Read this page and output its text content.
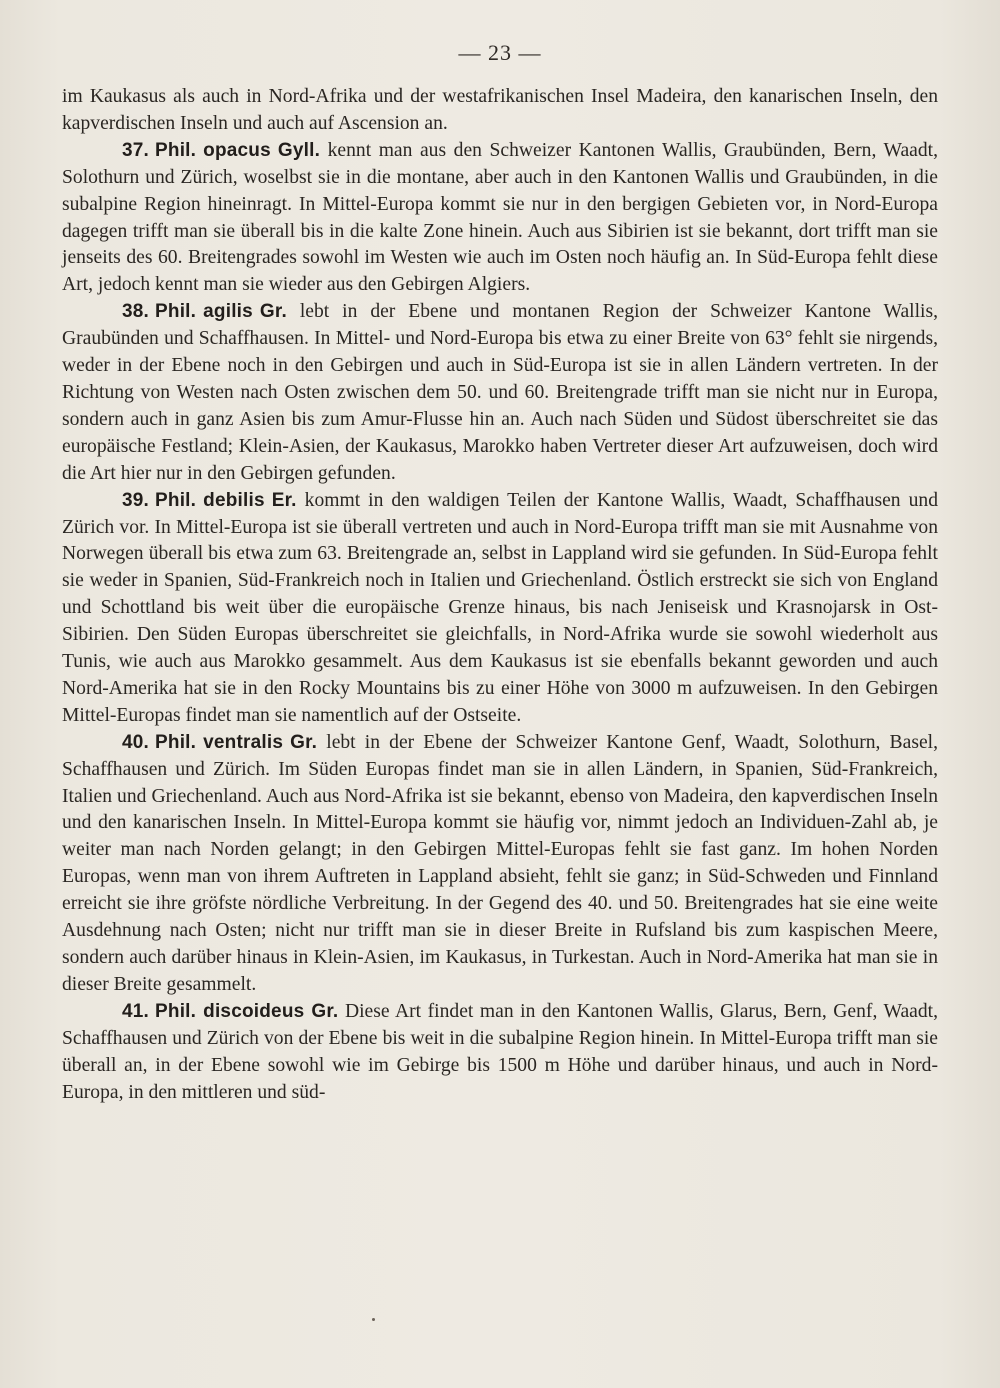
— 23 —

im Kaukasus als auch in Nord-Afrika und der westafrikanischen Insel Madeira, den kanarischen Inseln, den kapverdischen Inseln und auch auf Ascension an.

37. Phil. opacus Gyll. kennt man aus den Schweizer Kantonen Wallis, Graubünden, Bern, Waadt, Solothurn und Zürich, woselbst sie in die montane, aber auch in den Kantonen Wallis und Graubünden, in die subalpine Region hineinragt. In Mittel-Europa kommt sie nur in den bergigen Gebieten vor, in Nord-Europa dagegen trifft man sie überall bis in die kalte Zone hinein. Auch aus Sibirien ist sie bekannt, dort trifft man sie jenseits des 60. Breitengrades sowohl im Westen wie auch im Osten noch häufig an. In Süd-Europa fehlt diese Art, jedoch kennt man sie wieder aus den Gebirgen Algiers.

38. Phil. agilis Gr. lebt in der Ebene und montanen Region der Schweizer Kantone Wallis, Graubünden und Schaffhausen. In Mittel- und Nord-Europa bis etwa zu einer Breite von 63° fehlt sie nirgends, weder in der Ebene noch in den Gebirgen und auch in Süd-Europa ist sie in allen Ländern vertreten. In der Richtung von Westen nach Osten zwischen dem 50. und 60. Breitengrade trifft man sie nicht nur in Europa, sondern auch in ganz Asien bis zum Amur-Flusse hin an. Auch nach Süden und Südost überschreitet sie das europäische Festland; Klein-Asien, der Kaukasus, Marokko haben Vertreter dieser Art aufzuweisen, doch wird die Art hier nur in den Gebirgen gefunden.

39. Phil. debilis Er. kommt in den waldigen Teilen der Kantone Wallis, Waadt, Schaffhausen und Zürich vor. In Mittel-Europa ist sie überall vertreten und auch in Nord-Europa trifft man sie mit Ausnahme von Norwegen überall bis etwa zum 63. Breitengrade an, selbst in Lappland wird sie gefunden. In Süd-Europa fehlt sie weder in Spanien, Süd-Frankreich noch in Italien und Griechenland. Östlich erstreckt sie sich von England und Schottland bis weit über die europäische Grenze hinaus, bis nach Jeniseisk und Krasnojarsk in Ost-Sibirien. Den Süden Europas überschreitet sie gleichfalls, in Nord-Afrika wurde sie sowohl wiederholt aus Tunis, wie auch aus Marokko gesammelt. Aus dem Kaukasus ist sie ebenfalls bekannt geworden und auch Nord-Amerika hat sie in den Rocky Mountains bis zu einer Höhe von 3000 m aufzuweisen. In den Gebirgen Mittel-Europas findet man sie namentlich auf der Ostseite.

40. Phil. ventralis Gr. lebt in der Ebene der Schweizer Kantone Genf, Waadt, Solothurn, Basel, Schaffhausen und Zürich. Im Süden Europas findet man sie in allen Ländern, in Spanien, Süd-Frankreich, Italien und Griechenland. Auch aus Nord-Afrika ist sie bekannt, ebenso von Madeira, den kapverdischen Inseln und den kanarischen Inseln. In Mittel-Europa kommt sie häufig vor, nimmt jedoch an Individuen-Zahl ab, je weiter man nach Norden gelangt; in den Gebirgen Mittel-Europas fehlt sie fast ganz. Im hohen Norden Europas, wenn man von ihrem Auftreten in Lappland absieht, fehlt sie ganz; in Süd-Schweden und Finnland erreicht sie ihre gröfste nördliche Verbreitung. In der Gegend des 40. und 50. Breitengrades hat sie eine weite Ausdehnung nach Osten; nicht nur trifft man sie in dieser Breite in Rufsland bis zum kaspischen Meere, sondern auch darüber hinaus in Klein-Asien, im Kaukasus, in Turkestan. Auch in Nord-Amerika hat man sie in dieser Breite gesammelt.

41. Phil. discoideus Gr. Diese Art findet man in den Kantonen Wallis, Glarus, Bern, Genf, Waadt, Schaffhausen und Zürich von der Ebene bis weit in die subalpine Region hinein. In Mittel-Europa trifft man sie überall an, in der Ebene sowohl wie im Gebirge bis 1500 m Höhe und darüber hinaus, und auch in Nord-Europa, in den mittleren und süd-
